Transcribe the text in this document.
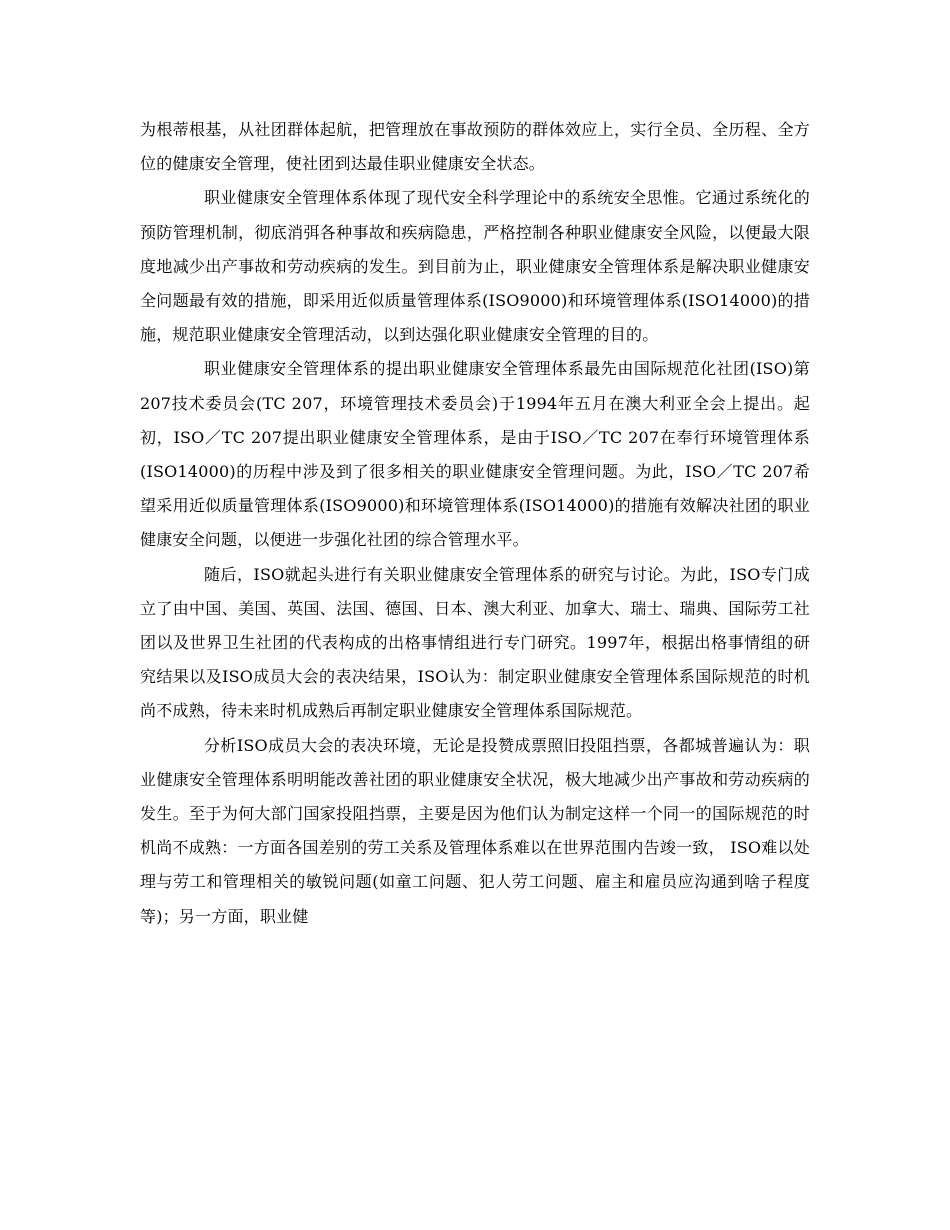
为根蒂根基，从社团群体起航，把管理放在事故预防的群体效应上，实行全员、全历程、全方位的健康安全管理，使社团到达最佳职业健康安全状态。

职业健康安全管理体系体现了现代安全科学理论中的系统安全思惟。它通过系统化的预防管理机制，彻底消弭各种事故和疾病隐患，严格控制各种职业健康安全风险，以便最大限度地减少出产事故和劳动疾病的发生。到目前为止，职业健康安全管理体系是解决职业健康安全问题最有效的措施，即采用近似质量管理体系(ISO9000)和环境管理体系(ISO14000)的措施，规范职业健康安全管理活动，以到达强化职业健康安全管理的目的。

职业健康安全管理体系的提出职业健康安全管理体系最先由国际规范化社团(ISO)第207技术委员会(TC 207，环境管理技术委员会)于1994年五月在澳大利亚全会上提出。起初，ISO／TC 207提出职业健康安全管理体系，是由于ISO／TC 207在奉行环境管理体系(ISO14000)的历程中涉及到了很多相关的职业健康安全管理问题。为此，ISO／TC 207希望采用近似质量管理体系(ISO9000)和环境管理体系(ISO14000)的措施有效解决社团的职业健康安全问题，以便进一步强化社团的综合管理水平。

随后，ISO就起头进行有关职业健康安全管理体系的研究与讨论。为此，ISO专门成立了由中国、美国、英国、法国、德国、日本、澳大利亚、加拿大、瑞士、瑞典、国际劳工社团以及世界卫生社团的代表构成的出格事情组进行专门研究。1997年，根据出格事情组的研究结果以及ISO成员大会的表决结果，ISO认为：制定职业健康安全管理体系国际规范的时机尚不成熟，待未来时机成熟后再制定职业健康安全管理体系国际规范。

分析ISO成员大会的表决环境，无论是投赞成票照旧投阻挡票，各都城普遍认为：职业健康安全管理体系明明能改善社团的职业健康安全状况，极大地减少出产事故和劳动疾病的发生。至于为何大部门国家投阻挡票，主要是因为他们认为制定这样一个同一的国际规范的时机尚不成熟：一方面各国差别的劳工关系及管理体系难以在世界范围内告竣一致， ISO难以处理与劳工和管理相关的敏锐问题(如童工问题、犯人劳工问题、雇主和雇员应沟通到啥子程度等)；另一方面，职业健
